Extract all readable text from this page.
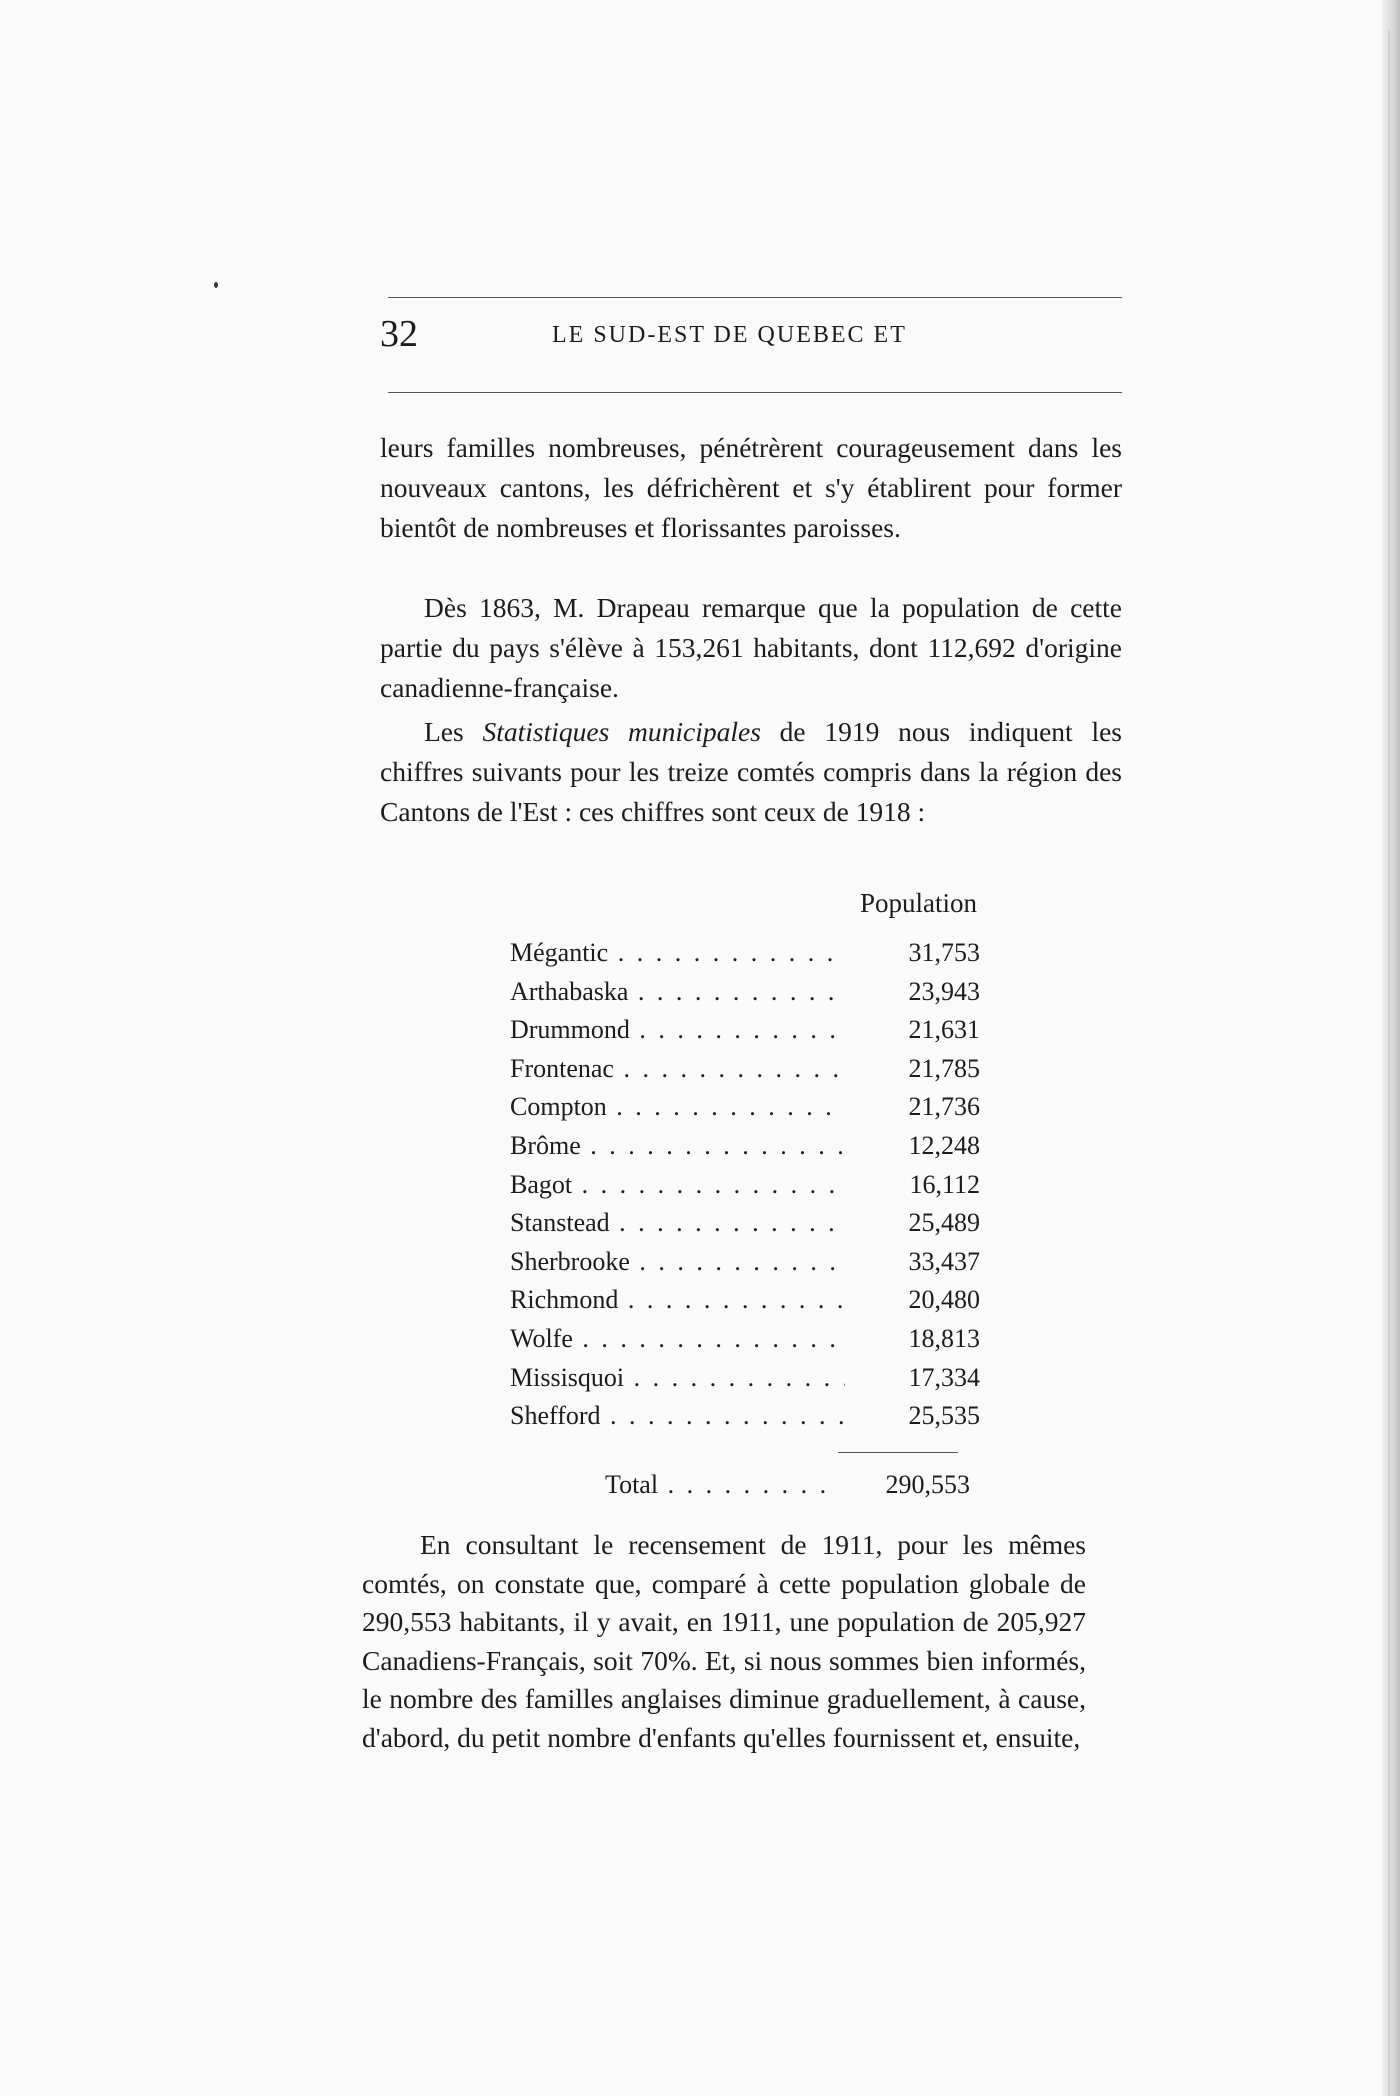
32	LE SUD-EST DE QUEBEC ET

leurs familles nombreuses, pénétrèrent courageusement dans les nouveaux cantons, les défrichèrent et s'y établirent pour former bientôt de nombreuses et florissantes paroisses.

Dès 1863, M. Drapeau remarque que la population de cette partie du pays s'élève à 153,261 habitants, dont 112,692 d'origine canadienne-française.

Les Statistiques municipales de 1919 nous indiquent les chiffres suivants pour les treize comtés compris dans la région des Cantons de l'Est : ces chiffres sont ceux de 1918 :

Population
Mégantic . . .	31,753
Arthabaska . . .	23,943
Drummond . . .	21,631
Frontenac . . .	21,785
Compton . . .	21,736
Brôme . . .	12,248
Bagot . . .	16,112
Stanstead . . .	25,489
Sherbrooke . . .	33,437
Richmond . . .	20,480
Wolfe . . .	18,813
Missisquoi . . .	17,334
Shefford . . .	25,535
Total . . .	290,553

En consultant le recensement de 1911, pour les mêmes comtés, on constate que, comparé à cette population globale de 290,553 habitants, il y avait, en 1911, une population de 205,927 Canadiens-Français, soit 70%. Et, si nous sommes bien informés, le nombre des familles anglaises diminue graduellement, à cause, d'abord, du petit nombre d'enfants qu'elles fournissent et, ensuite,
